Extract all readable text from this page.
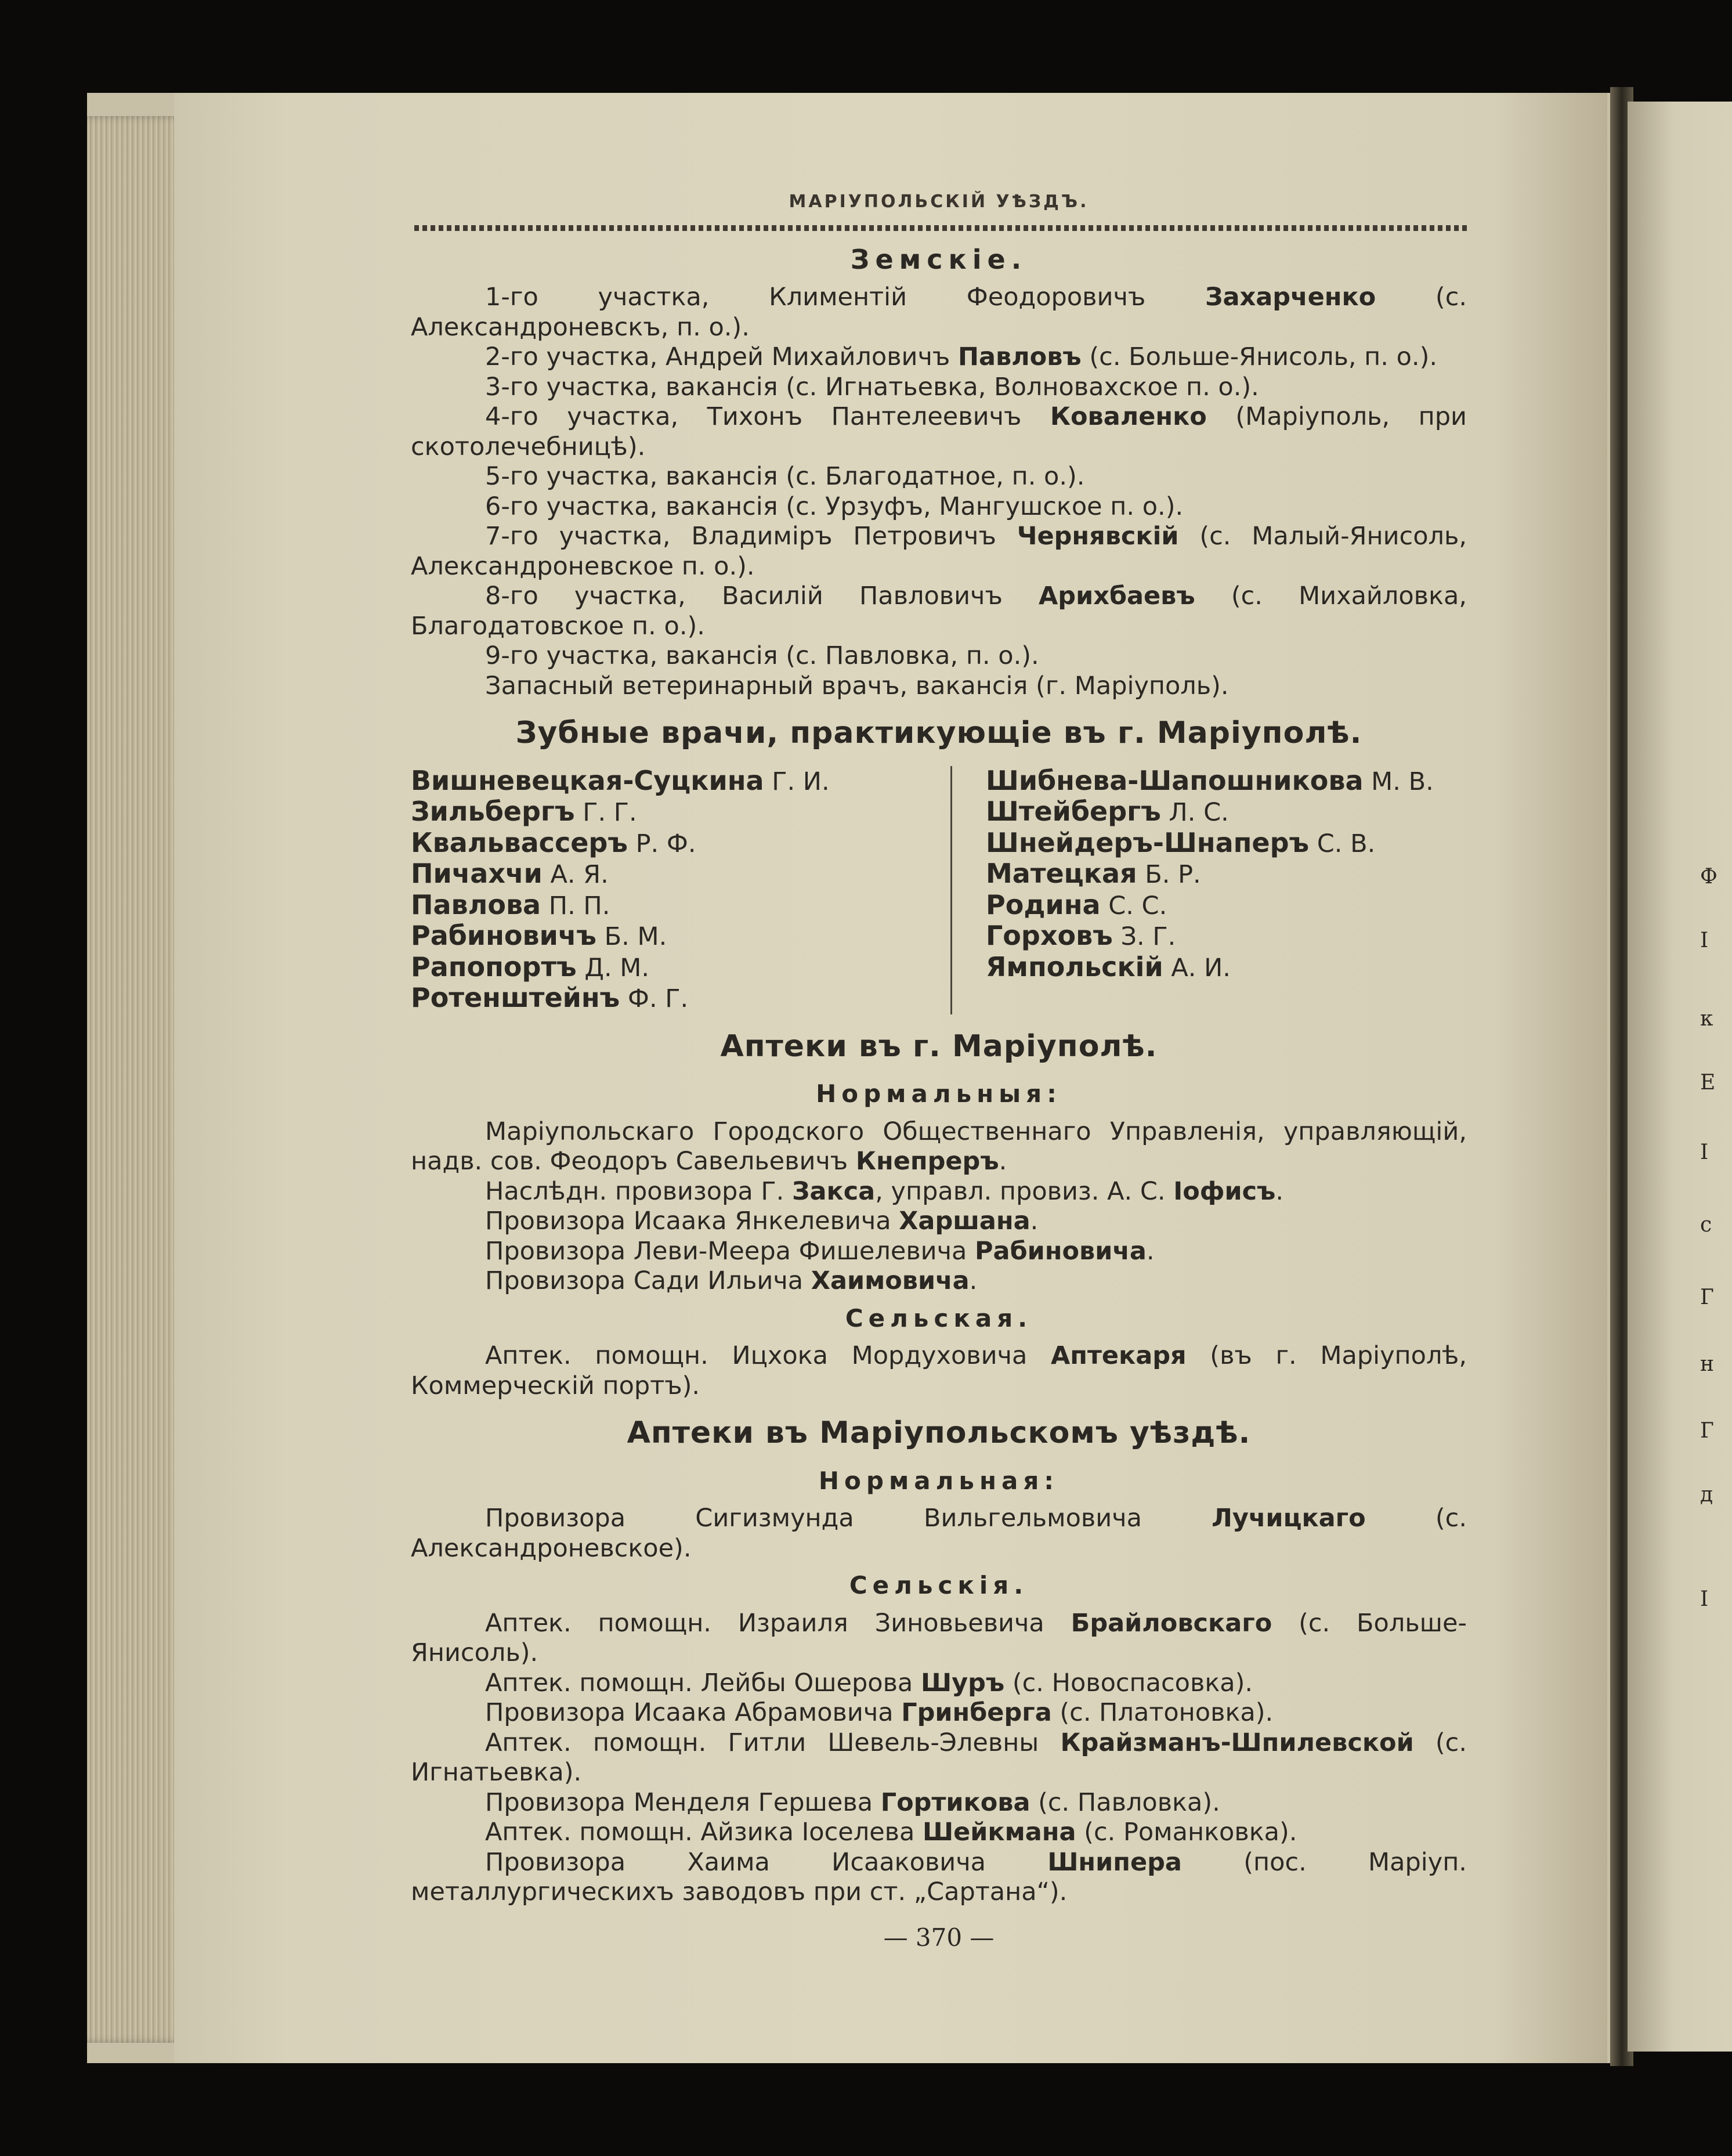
Ф
І
к
Е
І
с
Г
н
Г
д
І
МАРІУПОЛЬСКІЙ УѢЗДЪ.
Земскіе.

1-го участка, Климентій Феодоровичъ Захарченко (с. Александроневскъ, п. о.).

2-го участка, Андрей Михайловичъ Павловъ (с. Больше-Янисоль, п. о.).

3-го участка, вакансія (с. Игнатьевка, Волновахское п. о.).

4-го участка, Тихонъ Пантелеевичъ Коваленко (Маріуполь, при скотолечебницѣ).

5-го участка, вакансія (с. Благодатное, п. о.).

6-го участка, вакансія (с. Урзуфъ, Мангушское п. о.).

7-го участка, Владиміръ Петровичъ Чернявскій (с. Малый-Янисоль, Александроневское п. о.).

8-го участка, Василій Павловичъ Арихбаевъ (с. Михайловка, Благодатовское п. о.).

9-го участка, вакансія (с. Павловка, п. о.).

Запасный ветеринарный врачъ, вакансія (г. Маріуполь).

Зубные врачи, практикующіе въ г. Маріуполѣ.
Вишневецкая-Суцкина Г. И.
Зильбергъ Г. Г.
Квальвассеръ Р. Ф.
Пичахчи А. Я.
Павлова П. П.
Рабиновичъ Б. М.
Рапопортъ Д. М.
Ротенштейнъ Ф. Г.
Шибнева-Шапошникова М. В.
Штейбергъ Л. С.
Шнейдеръ-Шнаперъ С. В.
Матецкая Б. Р.
Родина С. С.
Горховъ З. Г.
Ямпольскій А. И.
Аптеки въ г. Маріуполѣ.
Нормальныя:

Маріупольскаго Городского Общественнаго Управленія, управляющій, надв. сов. Феодоръ Савельевичъ Кнепреръ.

Наслѣдн. провизора Г. Закса, управл. провиз. А. С. Іофисъ.

Провизора Исаака Янкелевича Харшана.

Провизора Леви-Меера Фишелевича Рабиновича.

Провизора Сади Ильича Хаимовича.

Сельская.

Аптек. помощн. Ицхока Мордуховича Аптекаря (въ г. Маріуполѣ, Коммерческій портъ).

Аптеки въ Маріупольскомъ уѣздѣ.
Нормальная:

Провизора Сигизмунда Вильгельмовича Лучицкаго (с. Александроневское).

Сельскія.

Аптек. помощн. Израиля Зиновьевича Брайловскаго (с. Больше-Янисоль).

Аптек. помощн. Лейбы Ошерова Шуръ (с. Новоспасовка).

Провизора Исаака Абрамовича Гринберга (с. Платоновка).

Аптек. помощн. Гитли Шевель-Элевны Крайзманъ-Шпилевской (с. Игнатьевка).

Провизора Менделя Гершева Гортикова (с. Павловка).

Аптек. помощн. Айзика Іоселева Шейкмана (с. Романковка).

Провизора Хаима Исааковича Шнипера (пос. Маріуп. металлургическихъ заводовъ при ст. „Сартана“).

— 370 —
